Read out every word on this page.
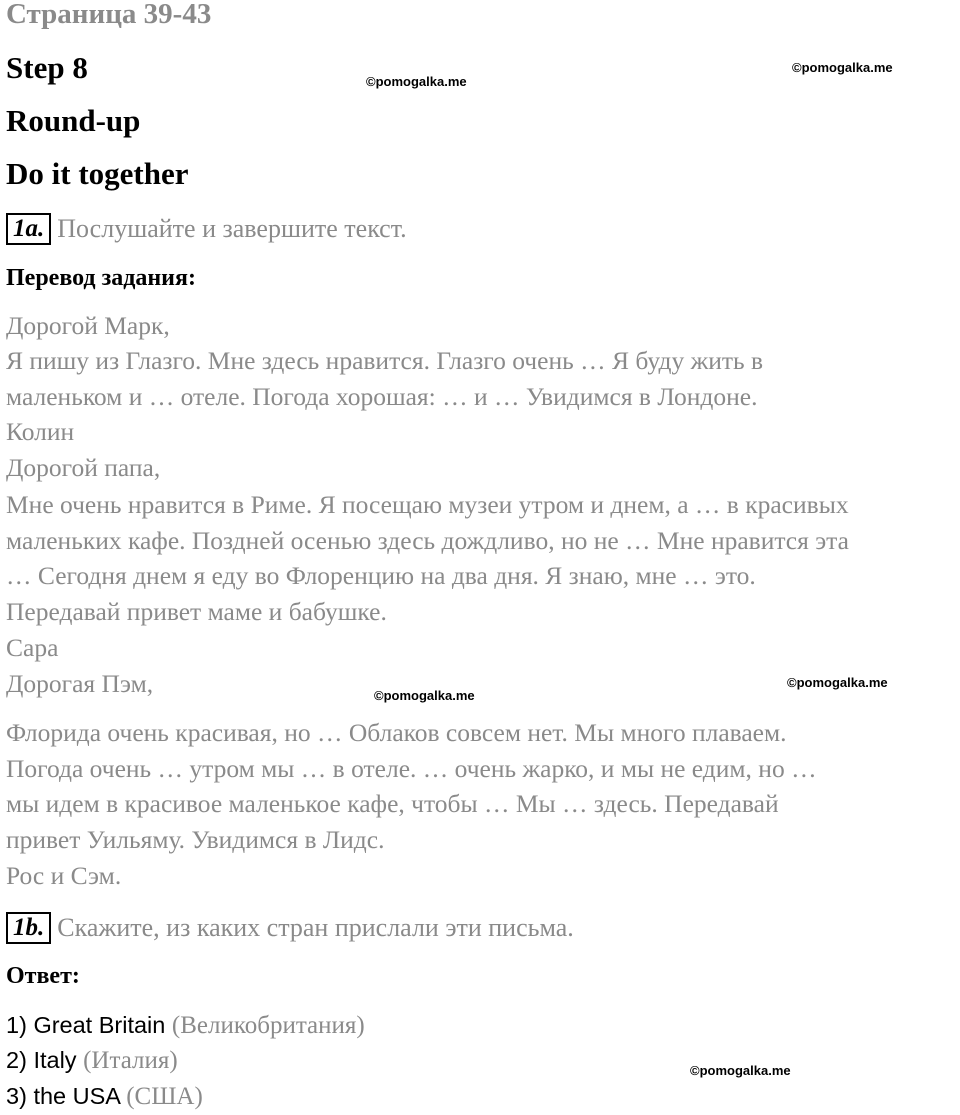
Страница 39-43
Step 8	©pomogalka.me
©pomogalka.me
Round-up
Do it together
1a. Послушайте и завершите текст.
Перевод задания:
Дорогой Марк,
Я пишу из Глазго. Мне здесь нравится. Глазго очень … Я буду жить в
маленьком и … отеле. Погода хорошая: … и … Увидимся в Лондоне.
Колин
Дорогой папа,
Мне очень нравится в Риме. Я посещаю музеи утром и днем, а … в красивых
маленьких кафе. Поздней осенью здесь дождливо, но не … Мне нравится эта
… Сегодня днем я еду во Флоренцию на два дня. Я знаю, мне … это.
Передавай привет маме и бабушке.
Сара
Дорогая Пэм,	©pomogalka.me
©pomogalka.me
Флорида очень красивая, но … Облаков совсем нет. Мы много плаваем.
Погода очень … утром мы … в отеле. … очень жарко, и мы не едим, но …
мы идем в красивое маленькое кафе, чтобы … Мы … здесь. Передавай
привет Уильяму. Увидимся в Лидс.
Рос и Сэм.
1b. Скажите, из каких стран прислали эти письма.
Ответ:
1) Great Britain (Великобритания)
2) Italy (Италия)	©pomogalka.me
3) the USA (США)
